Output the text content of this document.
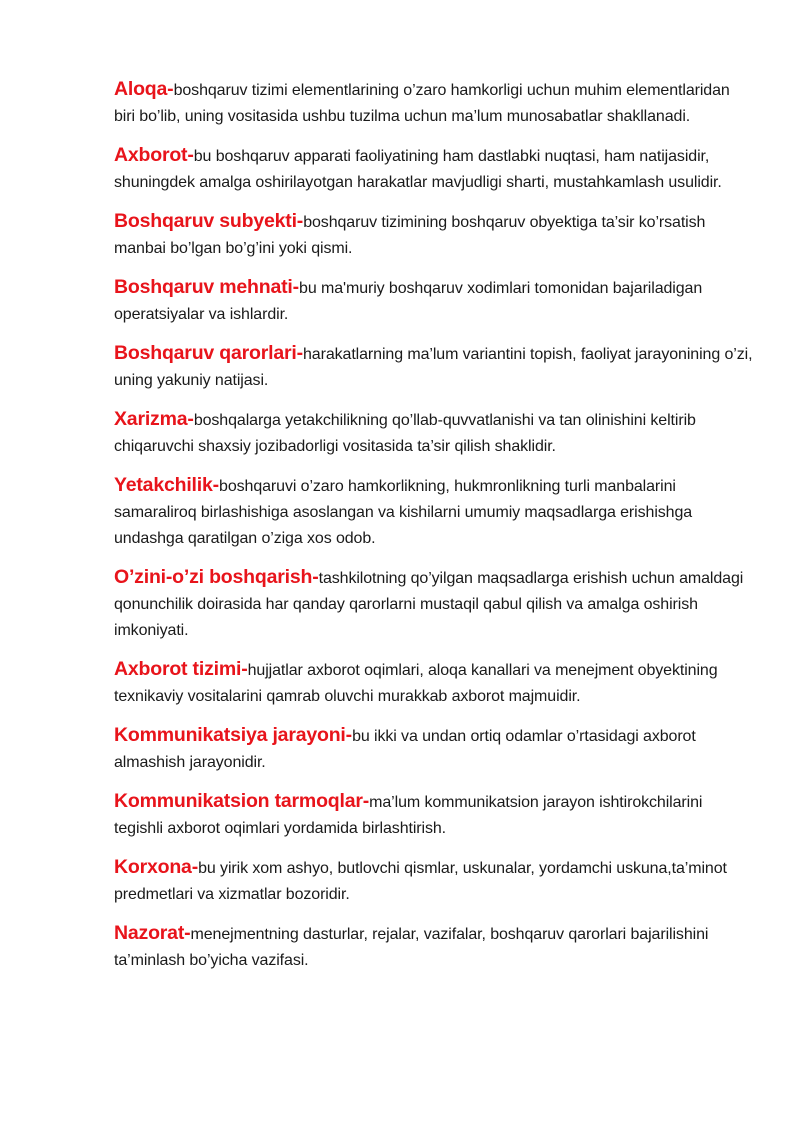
Aloqa-boshqaruv tizimi elementlarining o’zaro hamkorligi uchun muhim elementlaridan biri bo’lib, uning vositasida ushbu tuzilma uchun ma’lum munosabatlar shakllanadi.

Axborot-bu boshqaruv apparati faoliyatining ham dastlabki nuqtasi, ham natijasidir, shuningdek amalga oshirilayotgan harakatlar mavjudligi sharti, mustahkamlash usulidir.

Boshqaruv subyekti-boshqaruv tizimining boshqaruv obyektiga ta’sir ko’rsatish manbai bo’lgan bo’g’ini yoki qismi.

Boshqaruv mehnati-bu ma'muriy boshqaruv xodimlari tomonidan bajariladigan operatsiyalar va ishlardir.

Boshqaruv qarorlari-harakatlarning ma’lum variantini topish, faoliyat jarayonining o’zi, uning yakuniy natijasi.

Xarizma-boshqalarga yetakchilikning qo’llab-quvvatlanishi va tan olinishini keltirib chiqaruvchi shaxsiy jozibadorligi vositasida ta’sir qilish shaklidir.

Yetakchilik-boshqaruvi o’zaro hamkorlikning, hukmronlikning turli manbalarini samaraliroq birlashishiga asoslangan va kishilarni umumiy maqsadlarga erishishga undashga qaratilgan o’ziga xos odob.

O’zini-o’zi boshqarish-tashkilotning qo’yilgan maqsadlarga erishish uchun amaldagi qonunchilik doirasida har qanday qarorlarni mustaqil qabul qilish va amalga oshirish imkoniyati.

Axborot tizimi-hujjatlar axborot oqimlari, aloqa kanallari va menejment obyektining texnikaviy vositalarini qamrab oluvchi murakkab axborot majmuidir.

Kommunikatsiya jarayoni-bu ikki va undan ortiq odamlar o’rtasidagi axborot almashish jarayonidir.

Kommunikatsion tarmoqlar-ma’lum kommunikatsion jarayon ishtirokchilarini tegishli axborot oqimlari yordamida birlashtirish.

Korxona-bu yirik xom ashyo, butlovchi qismlar, uskunalar, yordamchi uskuna,ta’minot predmetlari va xizmatlar bozoridir.

Nazorat-menejmentning dasturlar, rejalar, vazifalar, boshqaruv qarorlari bajarilishini ta’minlash bo’yicha vazifasi.
